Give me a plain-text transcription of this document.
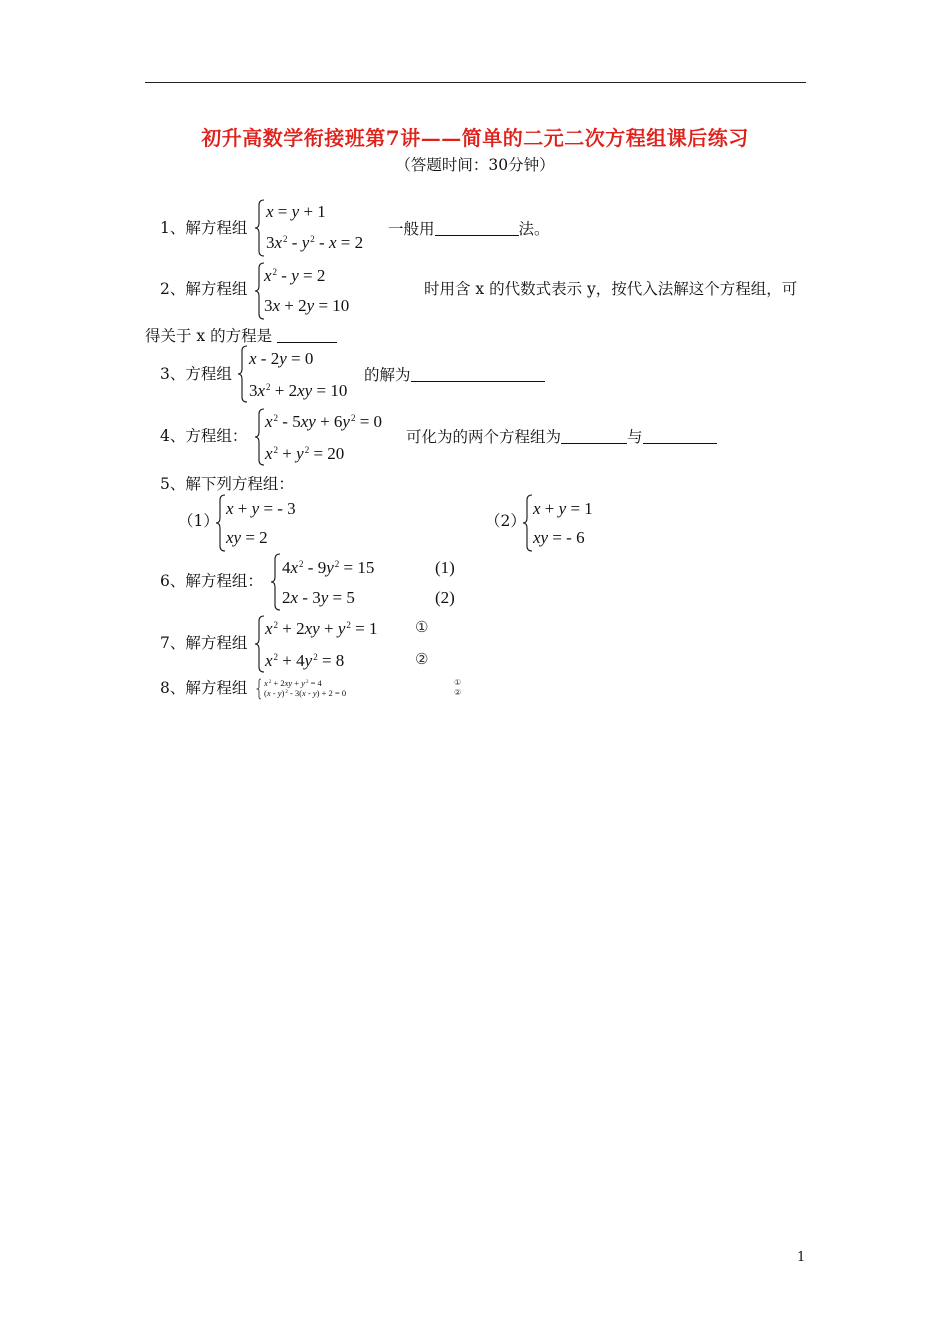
初升高数学衔接班第7讲——简单的二元二次方程组课后练习
（答题时间：30分钟）
1、解方程组
x = y + 1
$3x^2 - y^2 - x = 2$
一般用	法。
2、解方程组
$x^2 - y = 2$
3x + 2y = 10
时用含 x 的代数式表示 y，按代入法解这个方程组，可
得关于 x 的方程是
3、方程组
x - 2y = 0
$3x^2 + 2xy = 10$
的解为
4、方程组：
$x^2 - 5xy + 6y^2 = 0$
$x^2 + y^2 = 20$
可化为的两个方程组为	与
5、解下列方程组：
（1）
x + y = - 3
xy = 2
（2）
x + y = 1
xy = - 6
6、解方程组：
$4x^2 - 9y^2 = 15$
2x - 3y = 5
(1)
(2)
7、解方程组
$x^2 + 2xy + y^2 = 1$
$x^2 + 4y^2 = 8$
①
②
8、解方程组 $x^2 + 2xy + y^2 = 4$
(x - y)$^2$ - 3(x - y) + 2 = 0
①
②
1
